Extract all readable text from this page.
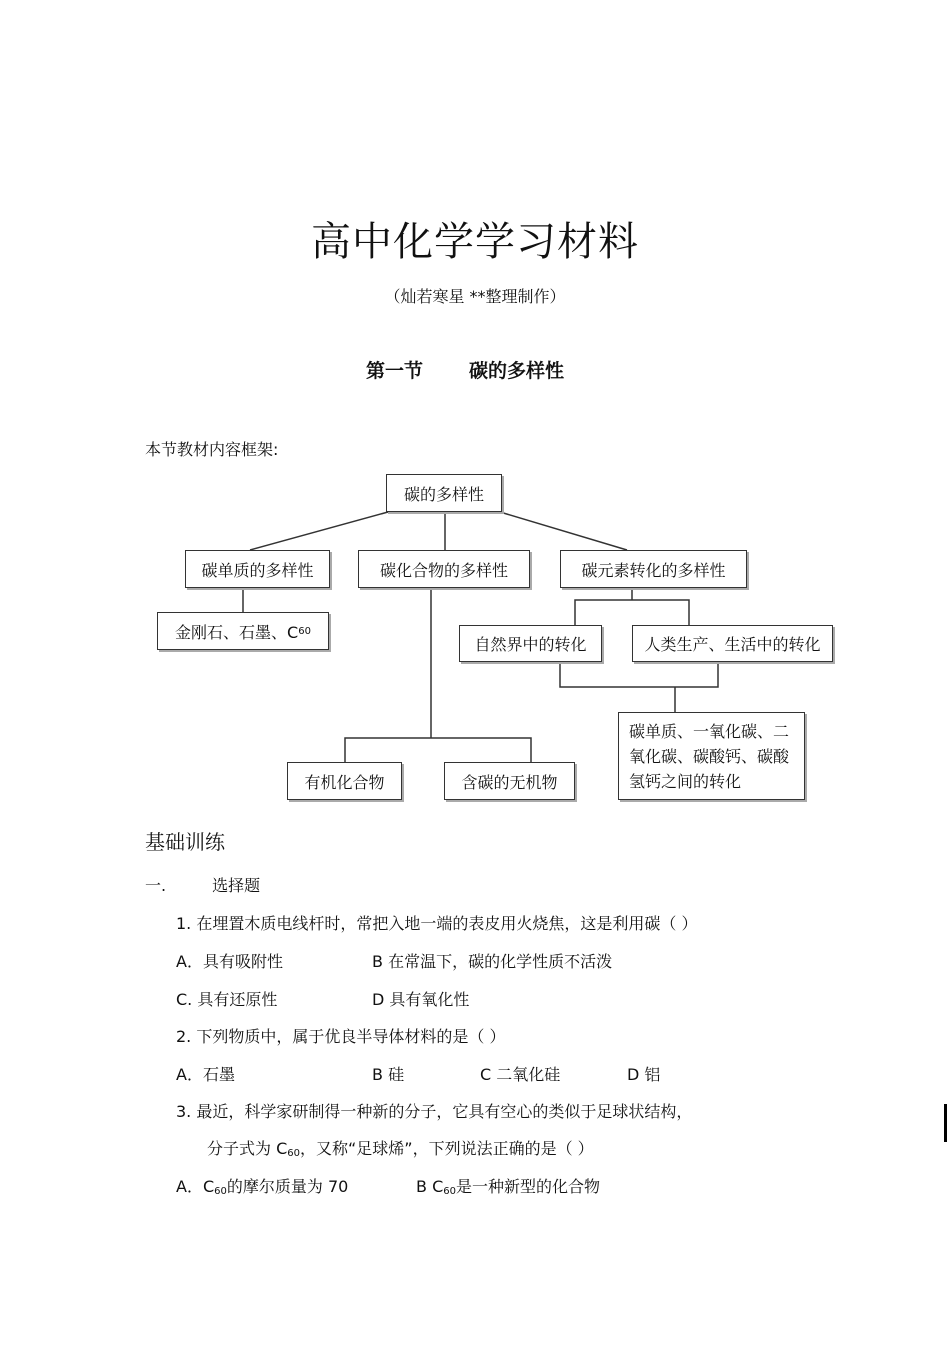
高中化学学习材料
（灿若寒星 **整理制作）
第一节 碳的多样性
本节教材内容框架:
碳的多样性
碳单质的多样性	碳化合物的多样性	碳元素转化的多样性
金刚石、石墨、C 60
自然界中的转化	人类生产、生活中的转化
碳单质、一氧化碳、二氧化碳、碳酸钙、碳酸氢钙之间的转化
有机化合物	含碳的无机物
基础训练
一.	选择题
1. 在埋置木质电线杆时，常把入地一端的表皮用火烧焦，这是利用碳（ ）
A．具有吸附性	B 在常温下，碳的化学性质不活泼
C. 具有还原性	D 具有氧化性
2. 下列物质中，属于优良半导体材料的是（ ）
A．石墨	B 硅	C 二氧化硅	D 铝
3. 最近，科学家研制得一种新的分子，它具有空心的类似于足球状结构，
分子式为 $C_{60}$，又称“足球烯”，下列说法正确的是（ ）
A．$C_{60}$的摩尔质量为 70	B $C_{60}$是一种新型的化合物
